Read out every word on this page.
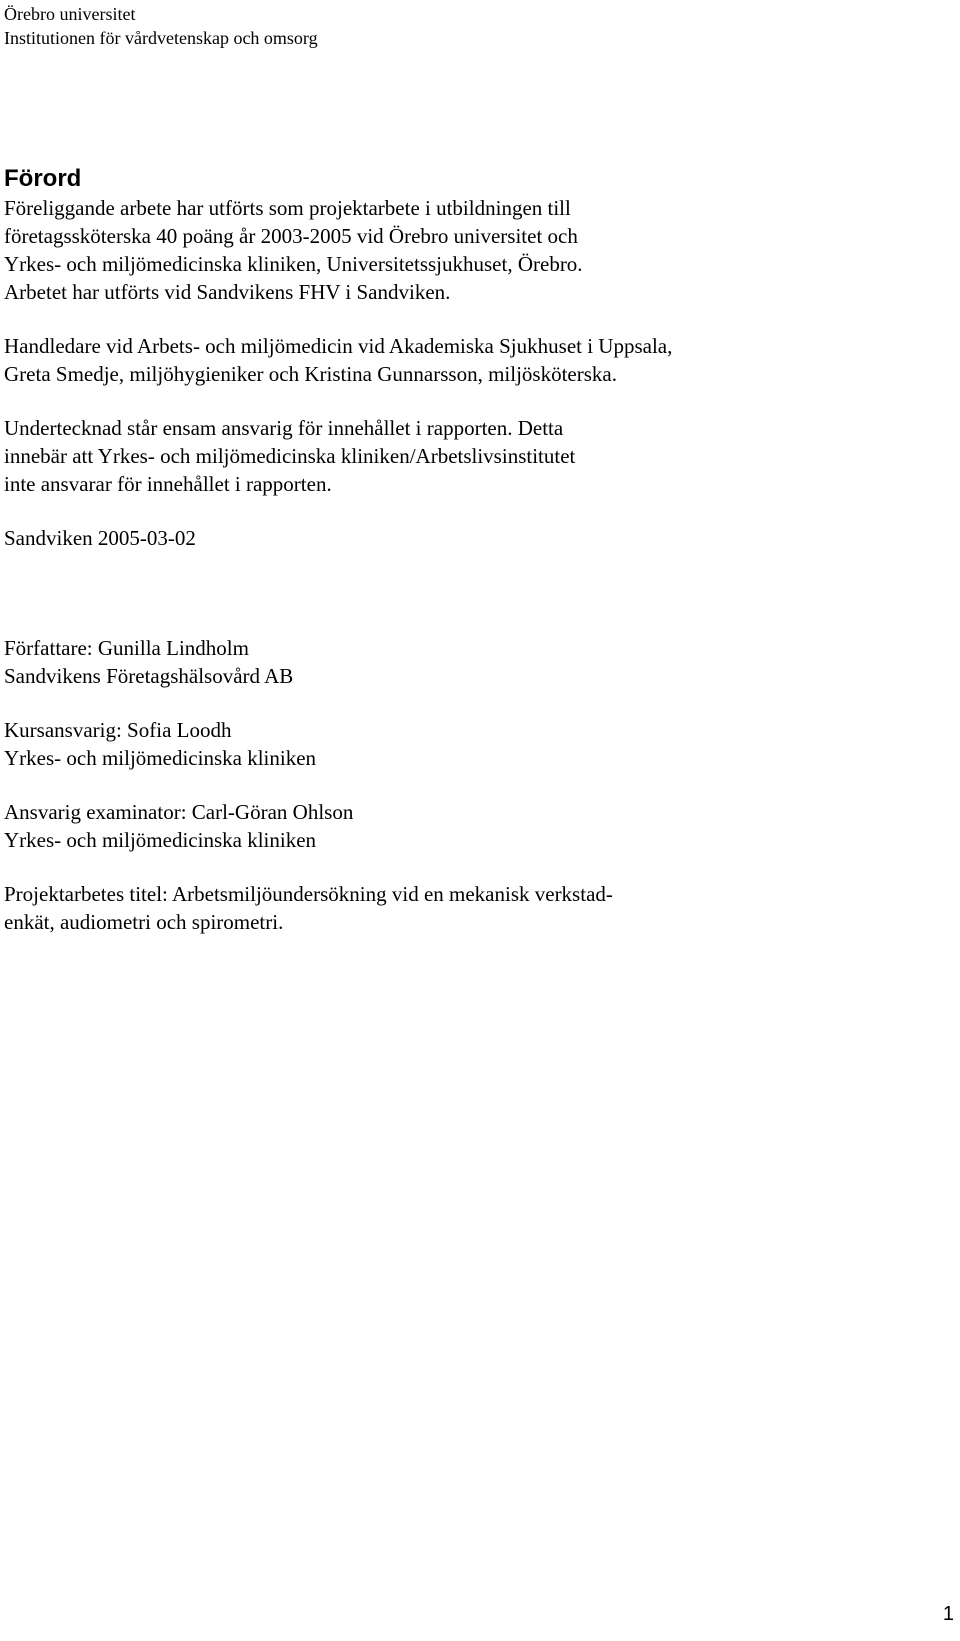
Örebro universitet
Institutionen för vårdvetenskap och omsorg
Förord
Föreliggande arbete har utförts som projektarbete i utbildningen till
företagssköterska 40 poäng år 2003-2005 vid Örebro universitet och
Yrkes- och miljömedicinska kliniken, Universitetssjukhuset, Örebro.
Arbetet har utförts vid Sandvikens FHV i Sandviken.
Handledare vid Arbets- och miljömedicin vid Akademiska Sjukhuset i Uppsala,
Greta Smedje, miljöhygieniker och Kristina Gunnarsson, miljösköterska.
Undertecknad står ensam ansvarig för innehållet i rapporten. Detta
innebär att Yrkes- och miljömedicinska kliniken/Arbetslivsinstitutet
inte ansvarar för innehållet i rapporten.
Sandviken 2005-03-02
Författare: Gunilla Lindholm
Sandvikens Företagshälsovård AB
Kursansvarig: Sofia Loodh
Yrkes- och miljömedicinska kliniken
Ansvarig examinator: Carl-Göran Ohlson
Yrkes- och miljömedicinska kliniken
Projektarbetes titel: Arbetsmiljöundersökning vid en mekanisk verkstad-
enkät, audiometri och spirometri.
1
